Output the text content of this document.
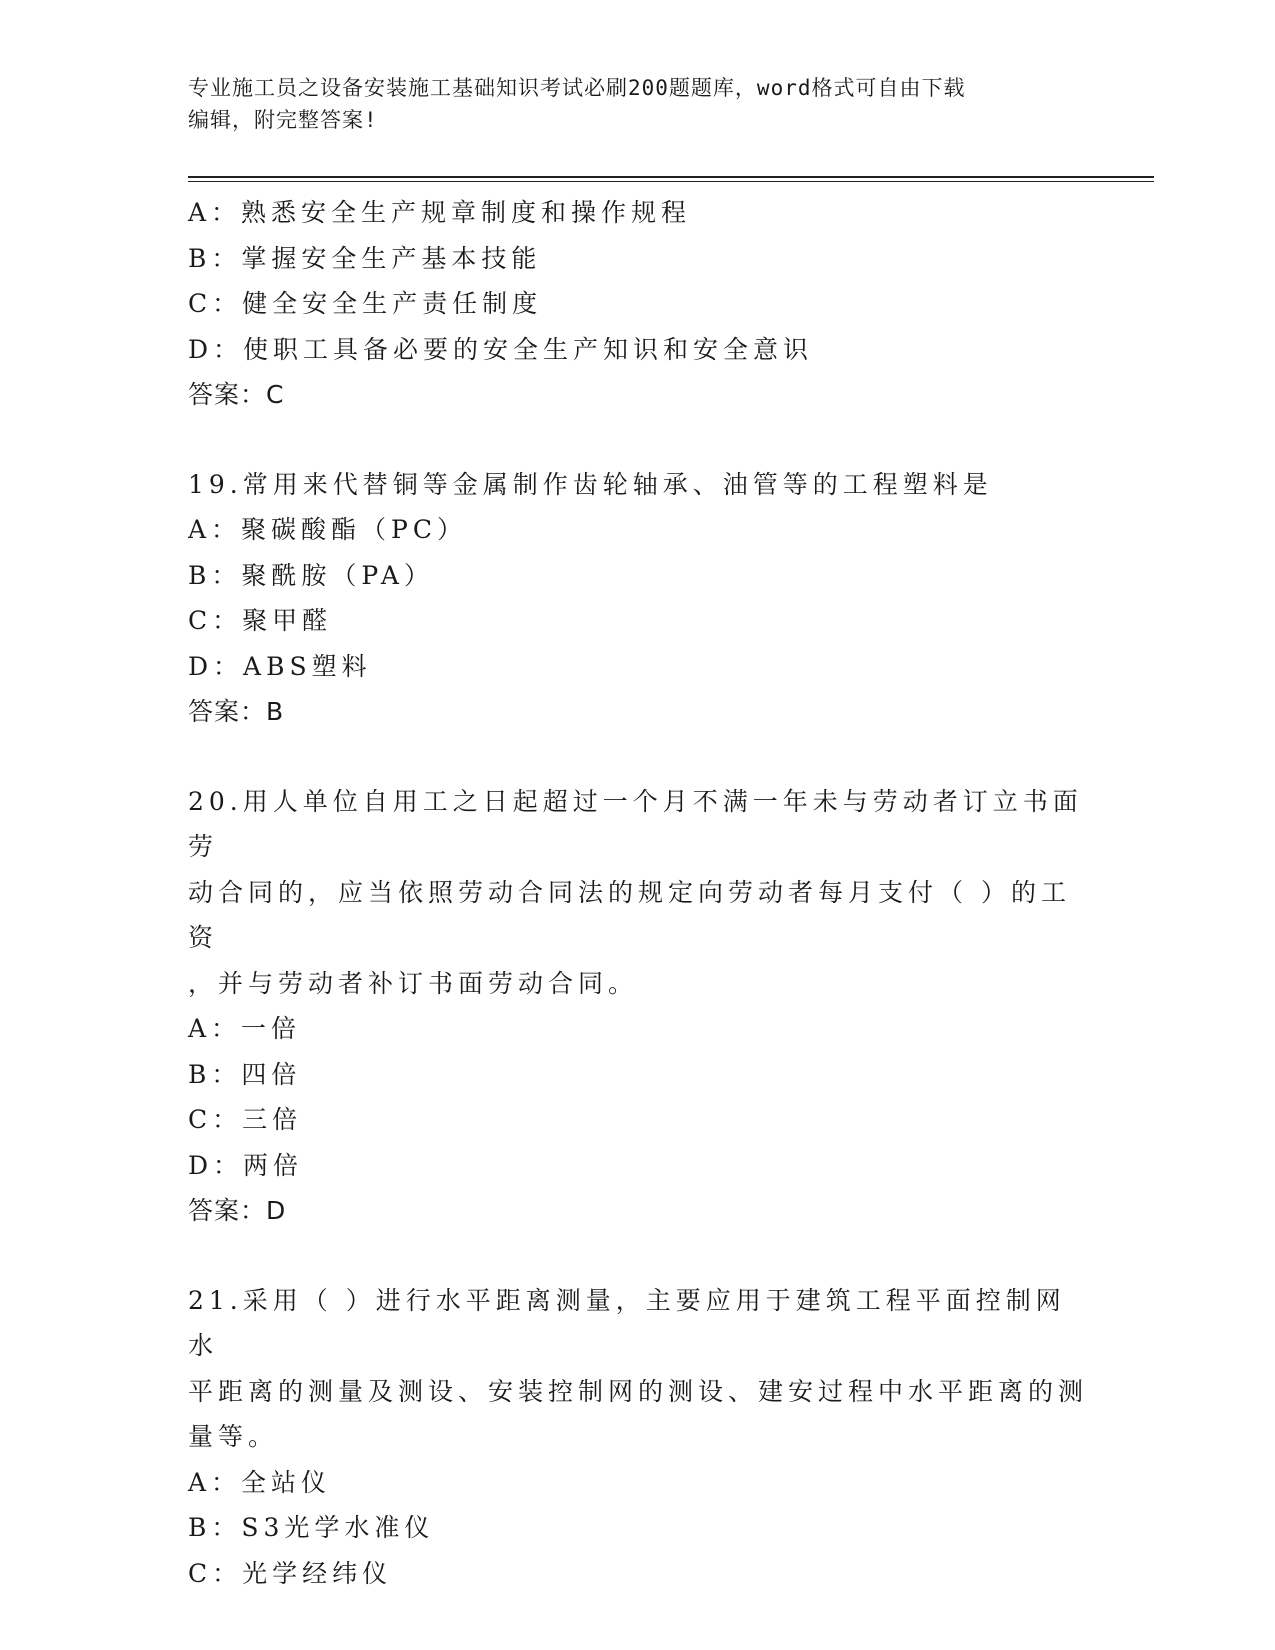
专业施工员之设备安装施工基础知识考试必刷200题题库，word格式可自由下载
编辑，附完整答案!
A：熟悉安全生产规章制度和操作规程
B：掌握安全生产基本技能
C：健全安全生产责任制度
D：使职工具备必要的安全生产知识和安全意识
答案：C
19.常用来代替铜等金属制作齿轮轴承、油管等的工程塑料是
A：聚碳酸酯（PC）
B：聚酰胺（PA）
C：聚甲醛
D：ABS塑料
答案：B
20.用人单位自用工之日起超过一个月不满一年未与劳动者订立书面劳
动合同的，应当依照劳动合同法的规定向劳动者每月支付（ ）的工资
，并与劳动者补订书面劳动合同。
A：一倍
B：四倍
C：三倍
D：两倍
答案：D
21.采用（ ）进行水平距离测量，主要应用于建筑工程平面控制网水
平距离的测量及测设、安装控制网的测设、建安过程中水平距离的测
量等。
A：全站仪
B：S3光学水准仪
C：光学经纬仪
